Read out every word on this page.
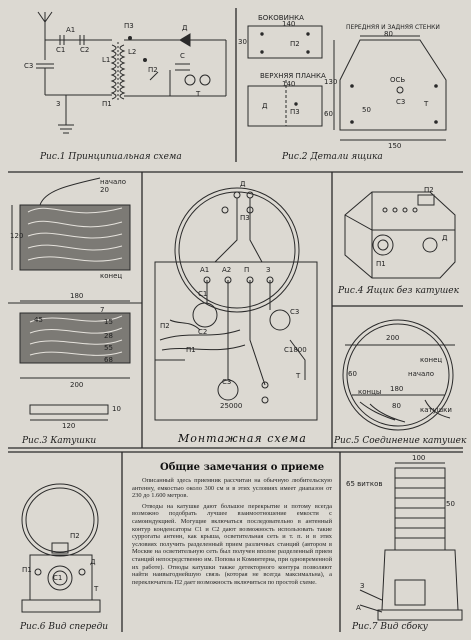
C3
L1
L2
П1
П2
П3	Д
Т
3
C
А1
C1 C2
Рис.1 Принципиальная схема
БОКОВИНКА
ПЕРЕДНЯЯ И ЗАДНЯЯ СТЕНКИ
ВЕРХНЯЯ ПЛАНКА	ОСЬ
C3	Т
Д
П2
П3
140
140
30
80
130
60	50
150
Рис.2 Детали ящика
начало
20
конец
120
180
200
7
45	15
28
55
68
120
10
Рис.3 Катушки
Д
П3
А1 А2 П З
C1
C2
C3
П1
П2
Т
C1800
25000
C3
Монтажная схема
П2
П1
Д
Рис.4 Ящик без катушек
200
180
60
80
конец
концы
начало
катушки
Рис.5 Соединение катушек
Общие замечания о приеме

Описанный здесь приемник рассчитан на обычную любительскую антенну, емкостью около 300 см и в этих условиях имеет диапазон от 230 до 1.600 метров.

Отводы на катушке дают большое перекрытие и потому всегда возможно подобрать лучшее взаимоотношение емкости с самоиндукцией. Могущие включаться последовательно в антенный контур конденсаторы C1 и C2 дают возможность использовать такие суррогаты антенн, как крыша, осветительная сеть и т. п. и в этих условиях получить разделенный прием различных станций (автором в Москве на осветительную сеть был получен вполне разделенный прием станций непосредственно им. Попова и Коминтерна, при одновременной их работе). Отводы катушки также детекторного контура позволяют найти наивыгоднейшую связь (которая не всегда максимальна), а переключатель П2 дает возможность включиться по простой схеме.

П2
C1
П1
Д
Т
Рис.6 Вид спереди
100
50
65 витков
З
А
Рис.7 Вид сбоку
